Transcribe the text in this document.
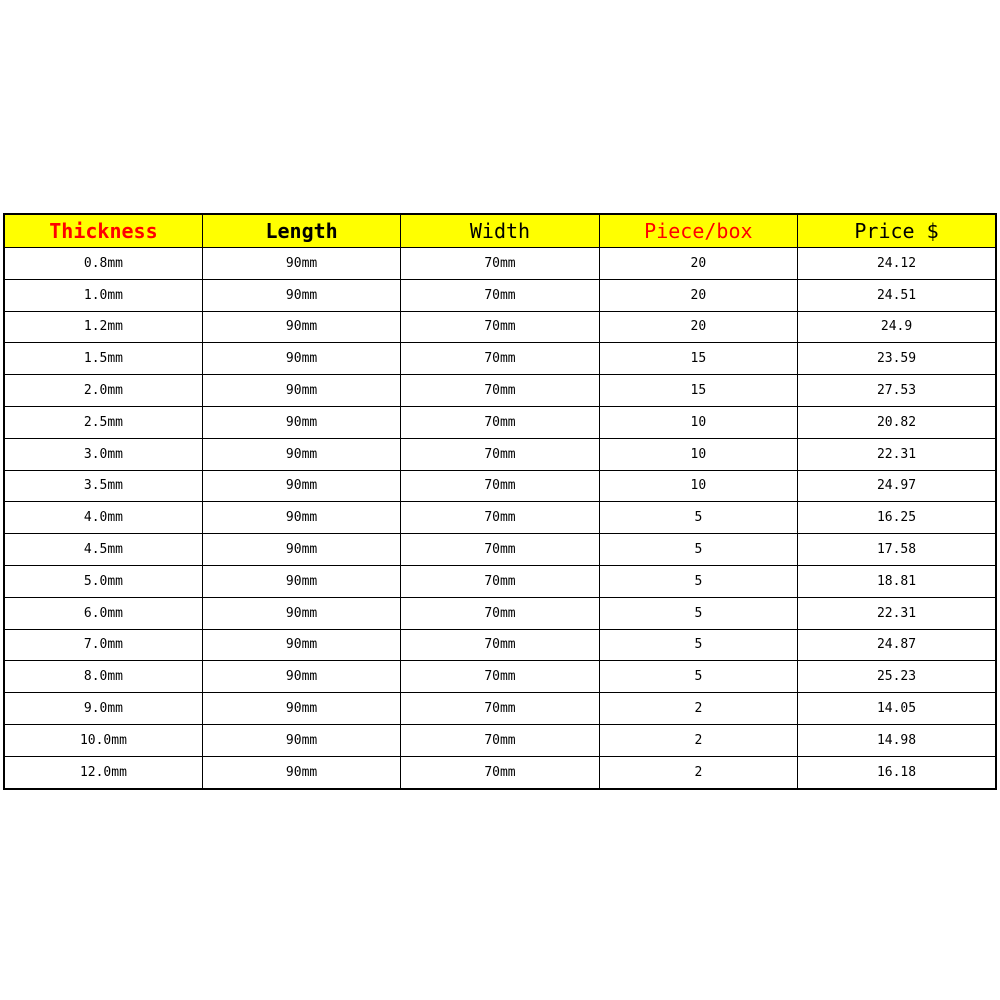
Thickness	Length	Width	Piece/box	Price $
0.8mm	90mm	70mm	20	24.12
1.0mm	90mm	70mm	20	24.51
1.2mm	90mm	70mm	20	24.9
1.5mm	90mm	70mm	15	23.59
2.0mm	90mm	70mm	15	27.53
2.5mm	90mm	70mm	10	20.82
3.0mm	90mm	70mm	10	22.31
3.5mm	90mm	70mm	10	24.97
4.0mm	90mm	70mm	5	16.25
4.5mm	90mm	70mm	5	17.58
5.0mm	90mm	70mm	5	18.81
6.0mm	90mm	70mm	5	22.31
7.0mm	90mm	70mm	5	24.87
8.0mm	90mm	70mm	5	25.23
9.0mm	90mm	70mm	2	14.05
10.0mm	90mm	70mm	2	14.98
12.0mm	90mm	70mm	2	16.18
